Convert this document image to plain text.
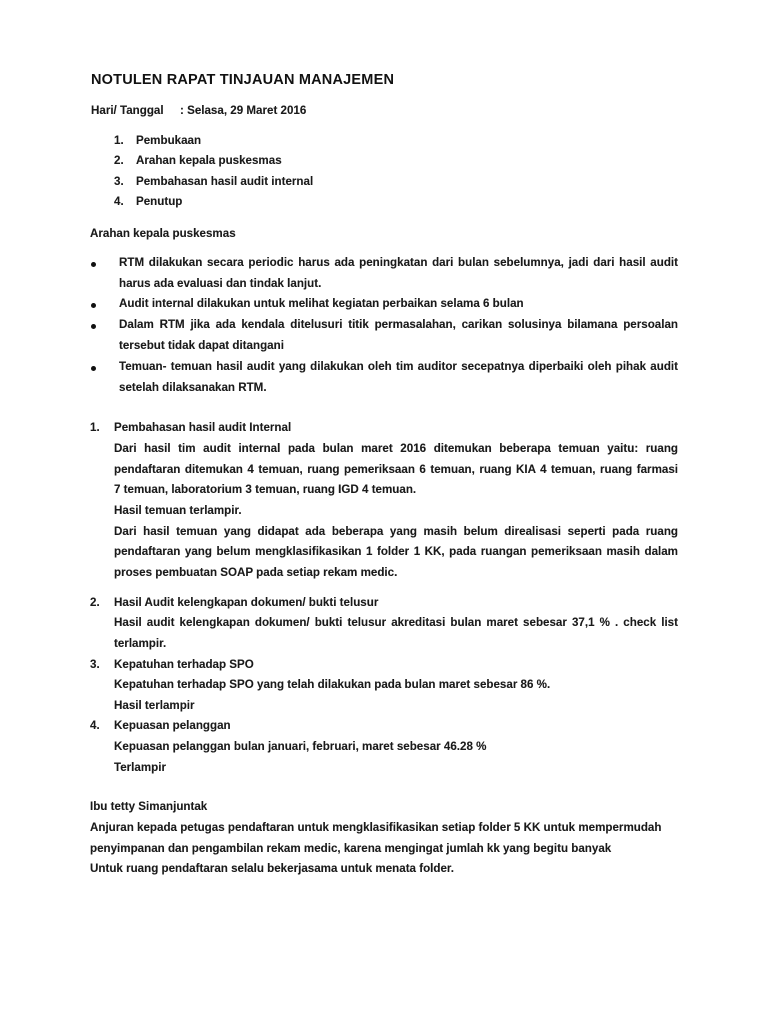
NOTULEN RAPAT TINJAUAN MANAJEMEN
Hari/ Tanggal : Selasa, 29 Maret 2016
1. Pembukaan
2. Arahan kepala puskesmas
3. Pembahasan hasil audit internal
4. Penutup
Arahan kepala puskesmas
RTM dilakukan secara periodic harus ada peningkatan dari bulan sebelumnya, jadi dari hasil audit
harus ada evaluasi dan tindak lanjut.
Audit internal dilakukan untuk melihat kegiatan perbaikan selama 6 bulan
Dalam RTM jika ada kendala ditelusuri titik permasalahan, carikan solusinya bilamana persoalan
tersebut tidak dapat ditangani
Temuan- temuan hasil audit yang dilakukan oleh tim auditor secepatnya diperbaiki oleh pihak audit
setelah dilaksanakan RTM.
1. Pembahasan hasil audit Internal
Dari hasil tim audit internal pada bulan maret 2016 ditemukan beberapa temuan yaitu: ruang
pendaftaran ditemukan 4 temuan, ruang pemeriksaan 6 temuan, ruang KIA 4 temuan, ruang farmasi
7 temuan, laboratorium 3 temuan, ruang IGD 4 temuan.
Hasil temuan terlampir.
Dari hasil temuan yang didapat ada beberapa yang masih belum direalisasi seperti pada ruang
pendaftaran yang belum mengklasifikasikan 1 folder 1 KK, pada ruangan pemeriksaan masih dalam
proses pembuatan SOAP pada setiap rekam medic.
2. Hasil Audit kelengkapan dokumen/ bukti telusur
Hasil audit kelengkapan dokumen/ bukti telusur akreditasi bulan maret sebesar 37,1 % . check list
terlampir.
3. Kepatuhan terhadap SPO
Kepatuhan terhadap SPO yang telah dilakukan pada bulan maret sebesar 86 %.
Hasil terlampir
4. Kepuasan pelanggan
Kepuasan pelanggan bulan januari, februari, maret sebesar 46.28 %
Terlampir
Ibu tetty Simanjuntak
Anjuran kepada petugas pendaftaran untuk mengklasifikasikan setiap folder 5 KK untuk mempermudah
penyimpanan dan pengambilan rekam medic, karena mengingat jumlah kk yang begitu banyak
Untuk ruang pendaftaran selalu bekerjasama untuk menata folder.
